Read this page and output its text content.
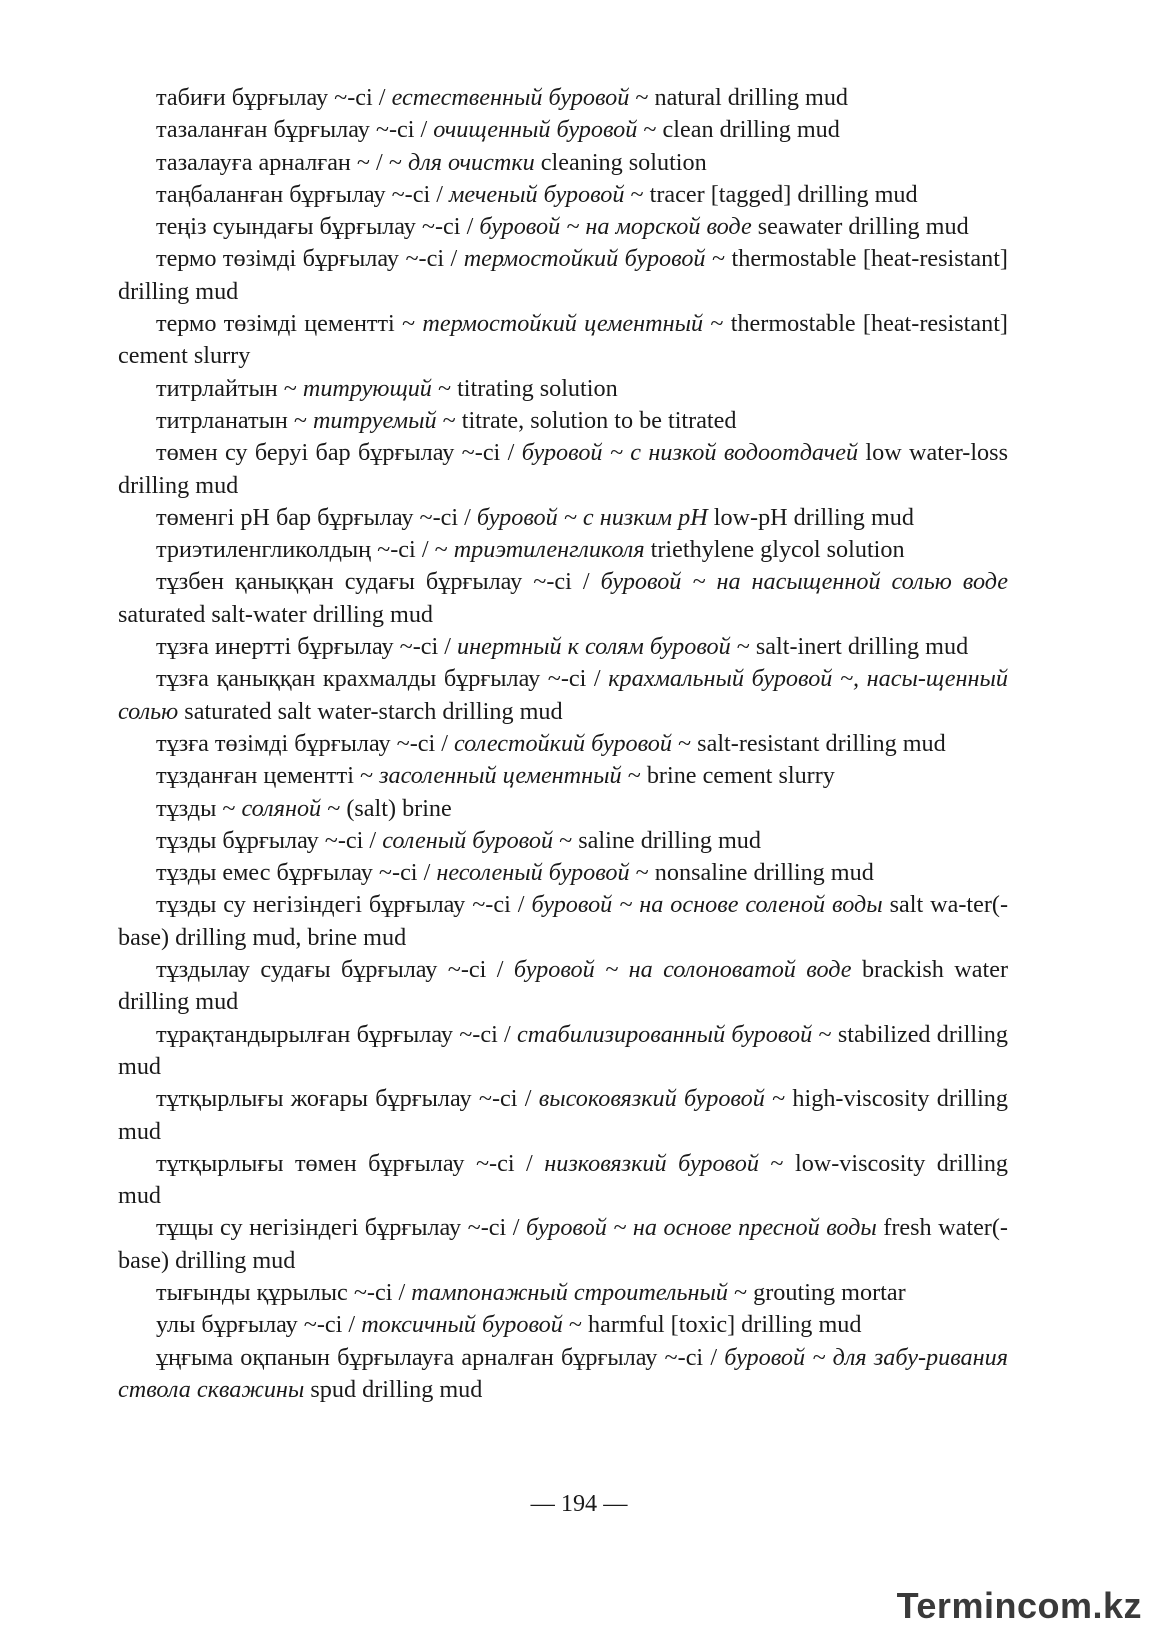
табиғи бұрғылау ~-сі / естественный буровой ~ natural drilling mud

тазаланған бұрғылау ~-сі / очищенный буровой ~ clean drilling mud

тазалауға арналған ~ / ~ для очистки cleaning solution

таңбаланған бұрғылау ~-сі / меченый буровой ~ tracer [tagged] drilling mud

теңіз суындағы бұрғылау ~-сі / буровой ~ на морской воде seawater drilling mud

термо төзімді бұрғылау ~-сі / термостойкий буровой ~ thermostable [heat-resistant] drilling mud

термо төзімді цементті ~ термостойкий цементный ~ thermostable [heat-resistant] cement slurry

титрлайтын ~ титрующий ~ titrating solution

титрланатын ~ титруемый ~ titrate, solution to be titrated

төмен су беруі бар бұрғылау ~-сі / буровой ~ с низкой водоотдачей low water-loss drilling mud

төменгі pH бар бұрғылау ~-сі / буровой ~ с низким pH low-pH drilling mud

триэтиленгликолдың ~-сі / ~ триэтиленгликоля triethylene glycol solution

тұзбен қаныққан судағы бұрғылау ~-сі / буровой ~ на насыщенной солью воде saturated salt-water drilling mud

тұзға инертті бұрғылау ~-сі / инертный к солям буровой ~ salt-inert drilling mud

тұзға қаныққан крахмалды бұрғылау ~-сі / крахмальный буровой ~, насы-щенный солью saturated salt water-starch drilling mud

тұзға төзімді бұрғылау ~-сі / солестойкий буровой ~ salt-resistant drilling mud

тұзданған цементті ~ засоленный цементный ~ brine cement slurry

тұзды ~ соляной ~ (salt) brine

тұзды бұрғылау ~-сі / соленый буровой ~ saline drilling mud

тұзды емес бұрғылау ~-сі / несоленый буровой ~ nonsaline drilling mud

тұзды су негізіндегі бұрғылау ~-сі / буровой ~ на основе соленой воды salt wa-ter(-base) drilling mud, brine mud

тұздылау судағы бұрғылау ~-сі / буровой ~ на солоноватой воде brackish water drilling mud

тұрақтандырылған бұрғылау ~-сі / стабилизированный буровой ~ stabilized drilling mud

тұтқырлығы жоғары бұрғылау ~-сі / высоковязкий буровой ~ high-viscosity drilling mud

тұтқырлығы төмен бұрғылау ~-сі / низковязкий буровой ~ low-viscosity drilling mud

тұщы су негізіндегі бұрғылау ~-сі / буровой ~ на основе пресной воды fresh water(-base) drilling mud

тығынды құрылыс ~-сі / тампонажный строительный ~ grouting mortar

улы бұрғылау ~-сі / токсичный буровой ~ harmful [toxic] drilling mud

ұңғыма оқпанын бұрғылауға арналған бұрғылау ~-сі / буровой ~ для забу-ривания ствола скважины spud drilling mud

— 194 —
Termincom.kz
